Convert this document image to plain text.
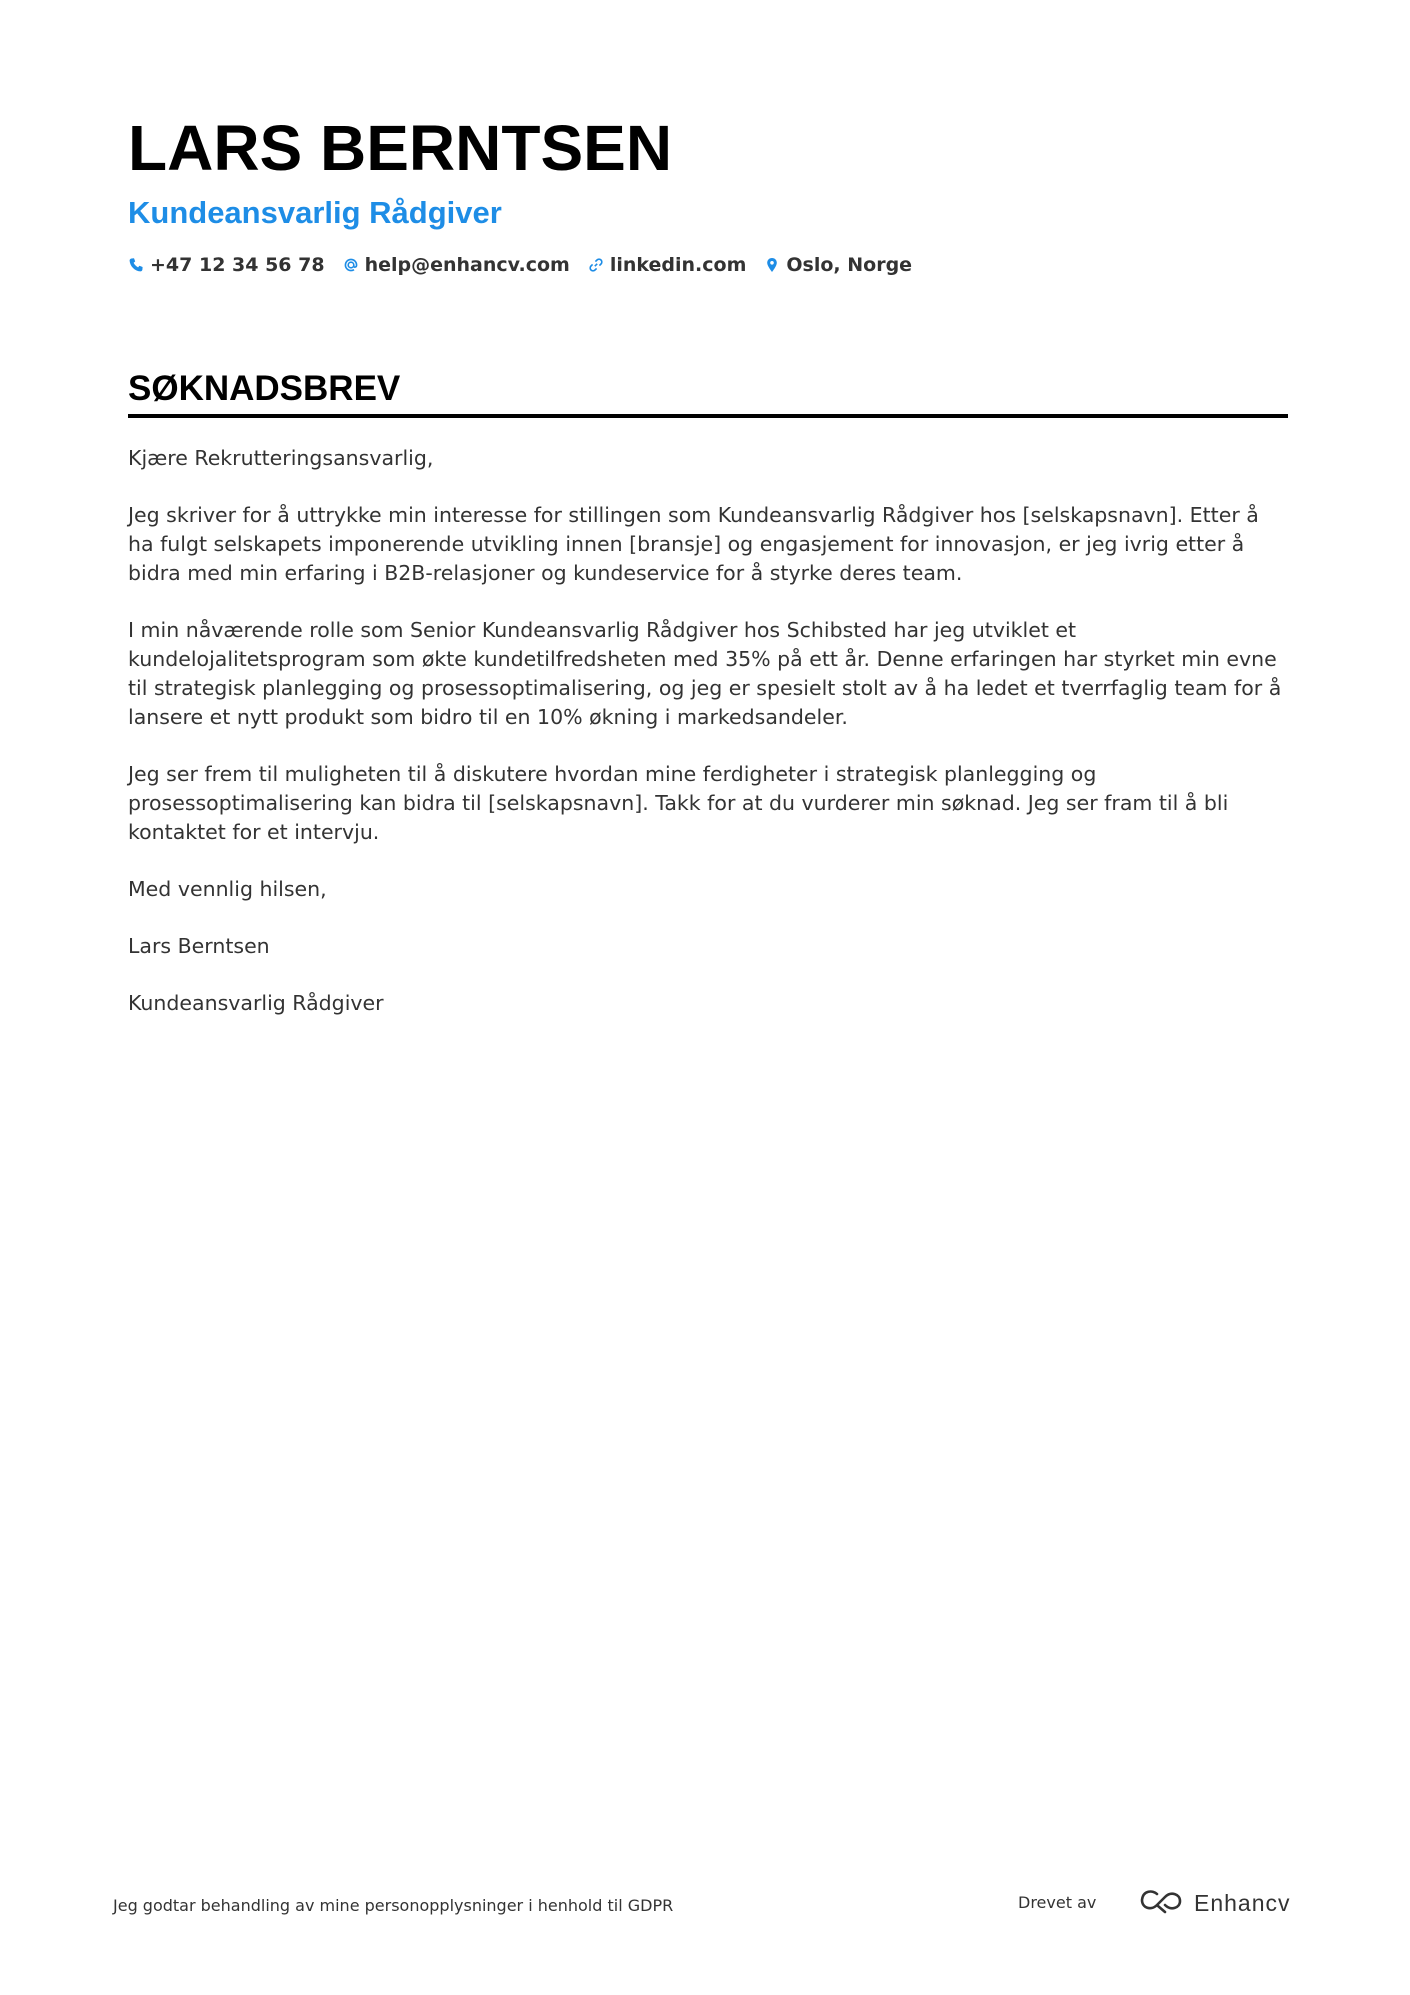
LARS BERNTSEN
Kundeansvarlig Rådgiver
+47 12 34 56 78 help@enhancv.com linkedin.com Oslo, Norge
SØKNADSBREV

Kjære Rekrutteringsansvarlig,

Jeg skriver for å uttrykke min interesse for stillingen som Kundeansvarlig Rådgiver hos [selskapsnavn]. Etter å ha fulgt selskapets imponerende utvikling innen [bransje] og engasjement for innovasjon, er jeg ivrig etter å bidra med min erfaring i B2B-relasjoner og kundeservice for å styrke deres team.

I min nåværende rolle som Senior Kundeansvarlig Rådgiver hos Schibsted har jeg utviklet et kundelojalitetsprogram som økte kundetilfredsheten med 35% på ett år. Denne erfaringen har styrket min evne til strategisk planlegging og prosessoptimalisering, og jeg er spesielt stolt av å ha ledet et tverrfaglig team for å lansere et nytt produkt som bidro til en 10% økning i markedsandeler.

Jeg ser frem til muligheten til å diskutere hvordan mine ferdigheter i strategisk planlegging og prosessoptimalisering kan bidra til [selskapsnavn]. Takk for at du vurderer min søknad. Jeg ser fram til å bli kontaktet for et intervju.

Med vennlig hilsen,

Lars Berntsen

Kundeansvarlig Rådgiver

Jeg godtar behandling av mine personopplysninger i henhold til GDPR	Drevet av	Enhancv
